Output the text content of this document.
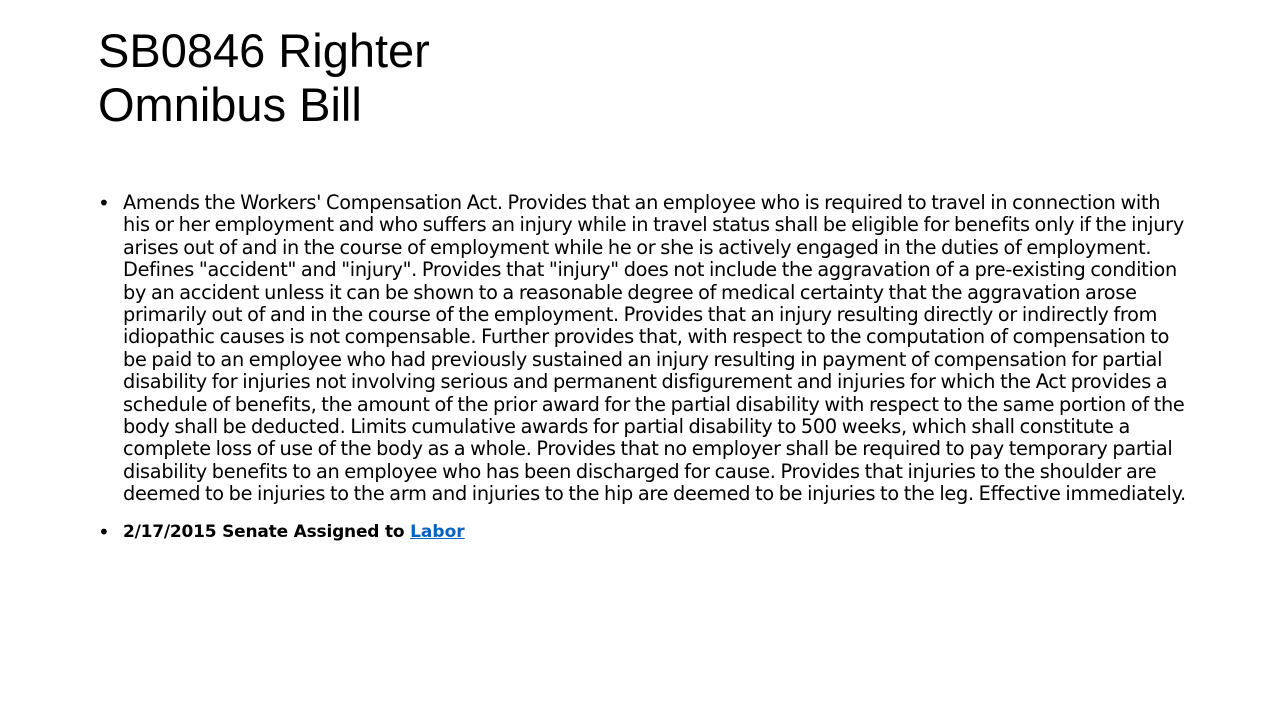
SB0846 Righter
Omnibus Bill
• Amends the Workers' Compensation Act. Provides that an employee who is required to travel in connection with his or her employment and who suffers an injury while in travel status shall be eligible for benefits only if the injury arises out of and in the course of employment while he or she is actively engaged in the duties of employment. Defines "accident" and "injury". Provides that "injury" does not include the aggravation of a pre-existing condition by an accident unless it can be shown to a reasonable degree of medical certainty that the aggravation arose primarily out of and in the course of the employment. Provides that an injury resulting directly or indirectly from idiopathic causes is not compensable. Further provides that, with respect to the computation of compensation to be paid to an employee who had previously sustained an injury resulting in payment of compensation for partial disability for injuries not involving serious and permanent disfigurement and injuries for which the Act provides a schedule of benefits, the amount of the prior award for the partial disability with respect to the same portion of the body shall be deducted. Limits cumulative awards for partial disability to 500 weeks, which shall constitute a complete loss of use of the body as a whole. Provides that no employer shall be required to pay temporary partial disability benefits to an employee who has been discharged for cause. Provides that injuries to the shoulder are deemed to be injuries to the arm and injuries to the hip are deemed to be injuries to the leg. Effective immediately.
• 2/17/2015 Senate Assigned to Labor
